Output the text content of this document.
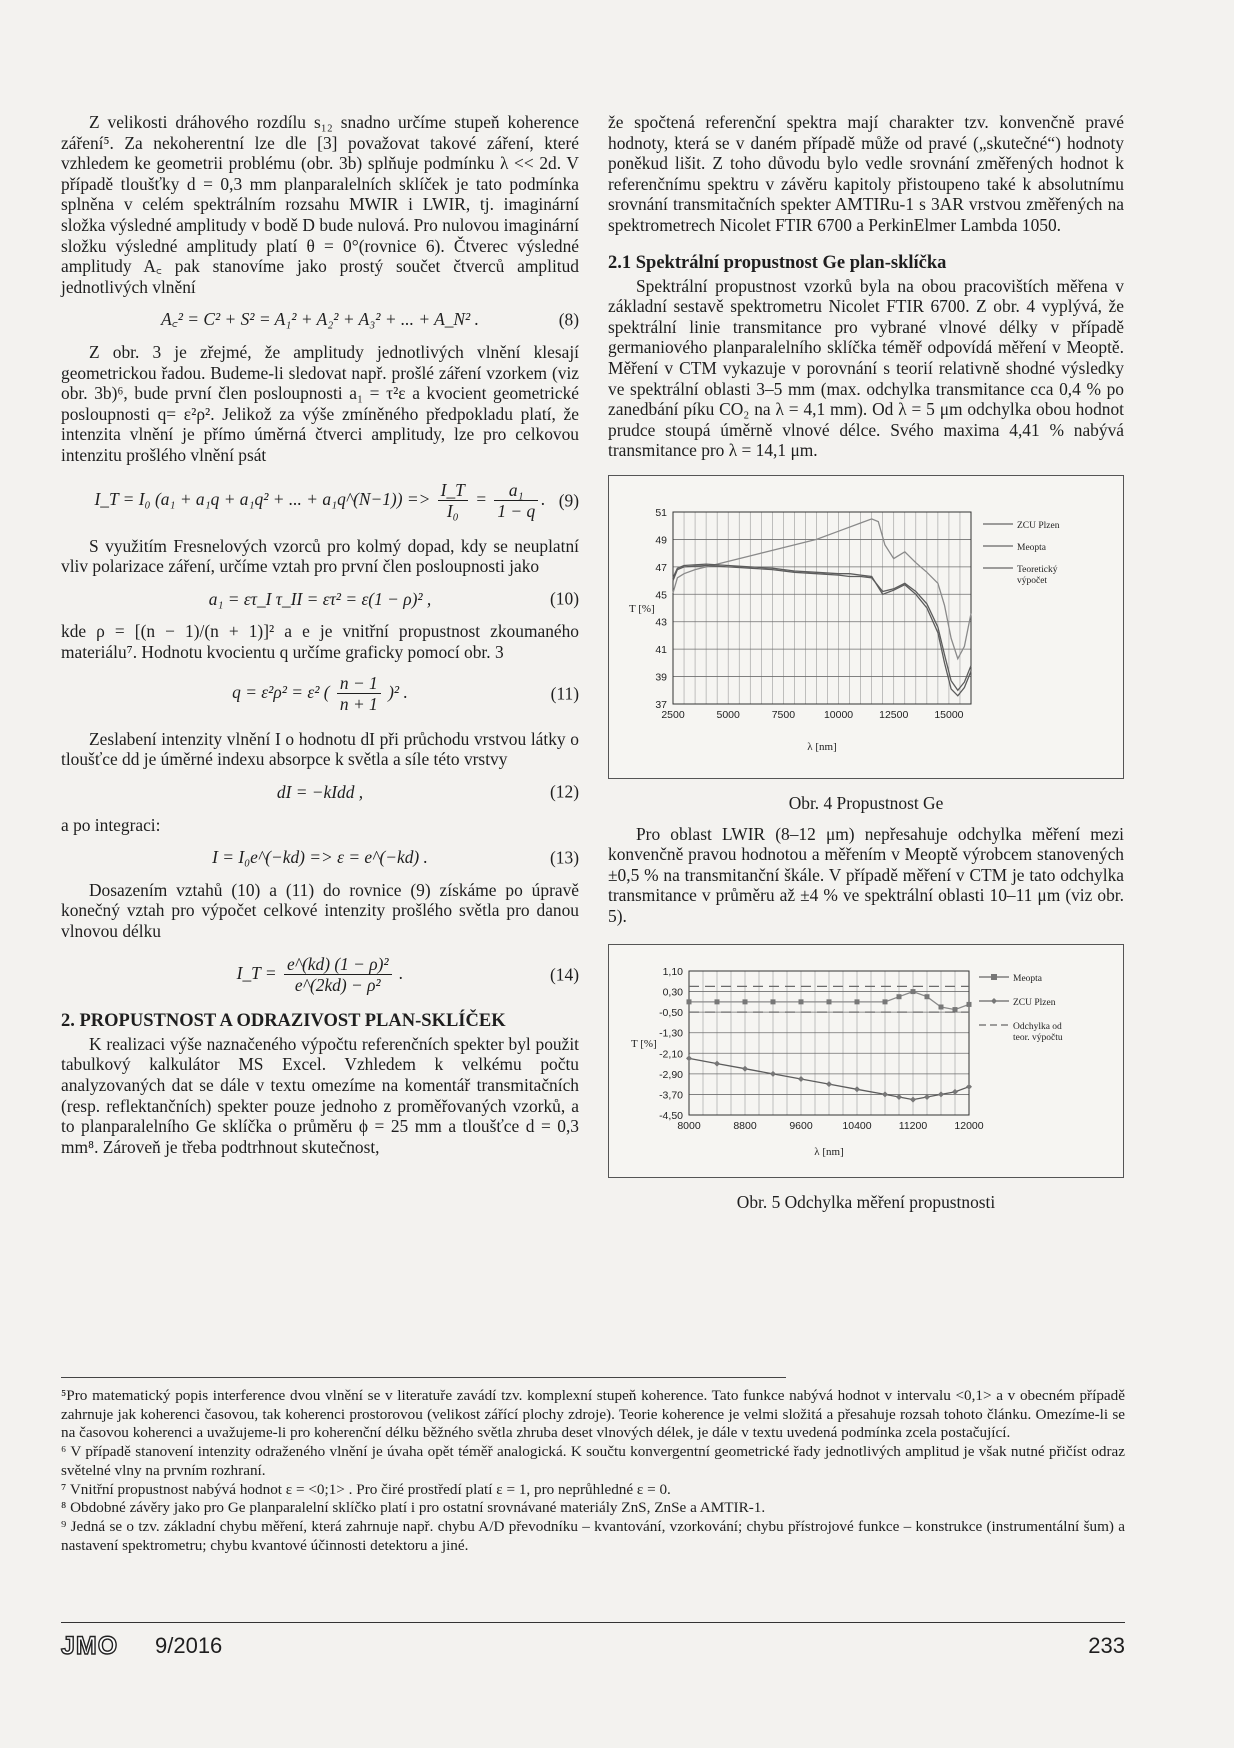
Z velikosti dráhového rozdílu s₁₂ snadno určíme stupeň koherence záření⁵. Za nekoherentní lze dle [3] považovat takové záření, které vzhledem ke geometrii problému (obr. 3b) splňuje podmínku λ << 2d. V případě tloušťky d = 0,3 mm planparalelních sklíček je tato podmínka splněna v celém spektrálním rozsahu MWIR i LWIR, tj. imaginární složka výsledné amplitudy v bodě D bude nulová. Pro nulovou imaginární složku výsledné amplitudy platí θ = 0°(rovnice 6). Čtverec výsledné amplitudy A꜀ pak stanovíme jako prostý součet čtverců amplitud jednotlivých vlnění

A꜀² = C² + S² = A₁² + A₂² + A₃² + ... + A_N² .	(8)

Z obr. 3 je zřejmé, že amplitudy jednotlivých vlnění klesají geometrickou řadou. Budeme-li sledovat např. prošlé záření vzorkem (viz obr. 3b)⁶, bude první člen posloupnosti a₁ = τ²ε a kvocient geometrické posloupnosti q= ε²ρ². Jelikož za výše zmíněného předpokladu platí, že intenzita vlnění je přímo úměrná čtverci amplitudy, lze pro celkovou intenzitu prošlého vlnění psát

I_T = I₀ (a₁ + a₁q + a₁q² + ... + a₁q^(N−1)) => $\frac{I\_T}{\text{I₀}} = \frac{\text{a₁}}{1 - q}$ . (9)

S využitím Fresnelových vzorců pro kolmý dopad, kdy se neuplatní vliv polarizace záření, určíme vztah pro první člen posloupnosti jako

a₁ = ετ_I τ_II = ετ² = ε(1 − ρ)² ,	(10)

kde ρ = [(n − 1)/(n + 1)]² a e je vnitřní propustnost zkoumaného materiálu⁷. Hodnotu kvocientu q určíme graficky pomocí obr. 3

q = ε²ρ² = ε² ( $\frac{n - 1}{n + 1} )^2$ .	(11)

Zeslabení intenzity vlnění I o hodnotu dI při průchodu vrstvou látky o tloušťce dd je úměrné indexu absorpce k světla a síle této vrstvy

dI = −kIdd ,	(12)

a po integraci:

I = I₀e^(−kd) => ε = e^(−kd) .	(13)

Dosazením vztahů (10) a (11) do rovnice (9) získáme po úpravě konečný vztah pro výpočet celkové intenzity prošlého světla pro danou vlnovou délku

I_T = $\frac{\text{e\textasciicircum{}(kd) (1 − ρ)²}}{\text{e\textasciicircum{}(2kd) − ρ²}}$ .	(14)
2. PROPUSTNOST A ODRAZIVOST PLAN-SKLÍČEK

K realizaci výše naznačeného výpočtu referenčních spekter byl použit tabulkový kalkulátor MS Excel. Vzhledem k velkému počtu analyzovaných dat se dále v textu omezíme na komentář transmitačních (resp. reflektančních) spekter pouze jednoho z proměřovaných vzorků, a to planparalelního Ge sklíčka o průměru ϕ = 25 mm a tloušťce d = 0,3 mm⁸. Zároveň je třeba podtrhnout skutečnost,

že spočtená referenční spektra mají charakter tzv. konvenčně pravé hodnoty, která se v daném případě může od pravé („skutečné“) hodnoty poněkud lišit. Z toho důvodu bylo vedle srovnání změřených hodnot k referenčnímu spektru v závěru kapitoly přistoupeno také k absolutnímu srovnání transmitačních spekter AMTIRu-1 s 3AR vrstvou změřených na spektrometrech Nicolet FTIR 6700 a PerkinElmer Lambda 1050.

2.1 Spektrální propustnost Ge plan-sklíčka

Spektrální propustnost vzorků byla na obou pracovištích měřena v základní sestavě spektrometru Nicolet FTIR 6700. Z obr. 4 vyplývá, že spektrální linie transmitance pro vybrané vlnové délky v případě germaniového planparalelního sklíčka téměř odpovídá měření v Meoptě. Měření v CTM vykazuje v porovnání s teorií relativně shodné výsledky ve spektrální oblasti 3–5 mm (max. odchylka transmitance cca 0,4 % po zanedbání píku CO₂ na λ = 4,1 mm). Od λ = 5 μm odchylka obou hodnot prudce stoupá úměrně vlnové délce. Svého maxima 4,41 % nabývá transmitance pro λ = 14,1 μm.

51
49
47
45
43
41
39
37
2500	5000	7500	10000 12500 15000
T [%]
λ [nm]
ZCU Plzen
Meopta
Teoretický
výpočet
Obr. 4 Propustnost Ge

Pro oblast LWIR (8–12 μm) nepřesahuje odchylka měření mezi konvenčně pravou hodnotou a měřením v Meoptě výrobcem stanovených ±0,5 % na transmitanční škále. V případě měření v CTM je tato odchylka transmitance v průměru až ±4 % ve spektrální oblasti 10–11 μm (viz obr. 5).

1,10
0,30
-0,50
-1,30
-2,10
-2,90
-3,70
-4,50
8000	8800	9600	10400	11200	12000
T [%]
λ [nm]
Meopta
ZCU Plzen
Odchylka od
teor. výpočtu
Obr. 5 Odchylka měření propustnosti

⁵Pro matematický popis interference dvou vlnění se v literatuře zavádí tzv. komplexní stupeň koherence. Tato funkce nabývá hodnot v intervalu <0,1> a v obecném případě zahrnuje jak koherenci časovou, tak koherenci prostorovou (velikost zářící plochy zdroje). Teorie koherence je velmi složitá a přesahuje rozsah tohoto článku. Omezíme-li se na časovou koherenci a uvažujeme-li pro koherenční délku běžného světla zhruba deset vlnových délek, je dále v textu uvedená podmínka zcela postačující.

⁶ V případě stanovení intenzity odraženého vlnění je úvaha opět téměř analogická. K součtu konvergentní geometrické řady jednotlivých amplitud je však nutné přičíst odraz světelné vlny na prvním rozhraní.

⁷ Vnitřní propustnost nabývá hodnot ε = <0;1> . Pro čiré prostředí platí ε = 1, pro neprůhledné ε = 0.

⁸ Obdobné závěry jako pro Ge planparalelní sklíčko platí i pro ostatní srovnávané materiály ZnS, ZnSe a AMTIR-1.

⁹ Jedná se o tzv. základní chybu měření, která zahrnuje např. chybu A/D převodníku – kvantování, vzorkování; chybu přístrojové funkce – konstrukce (instrumentální šum) a nastavení spektrometru; chybu kvantové účinnosti detektoru a jiné.

JMO 9/2016	233
